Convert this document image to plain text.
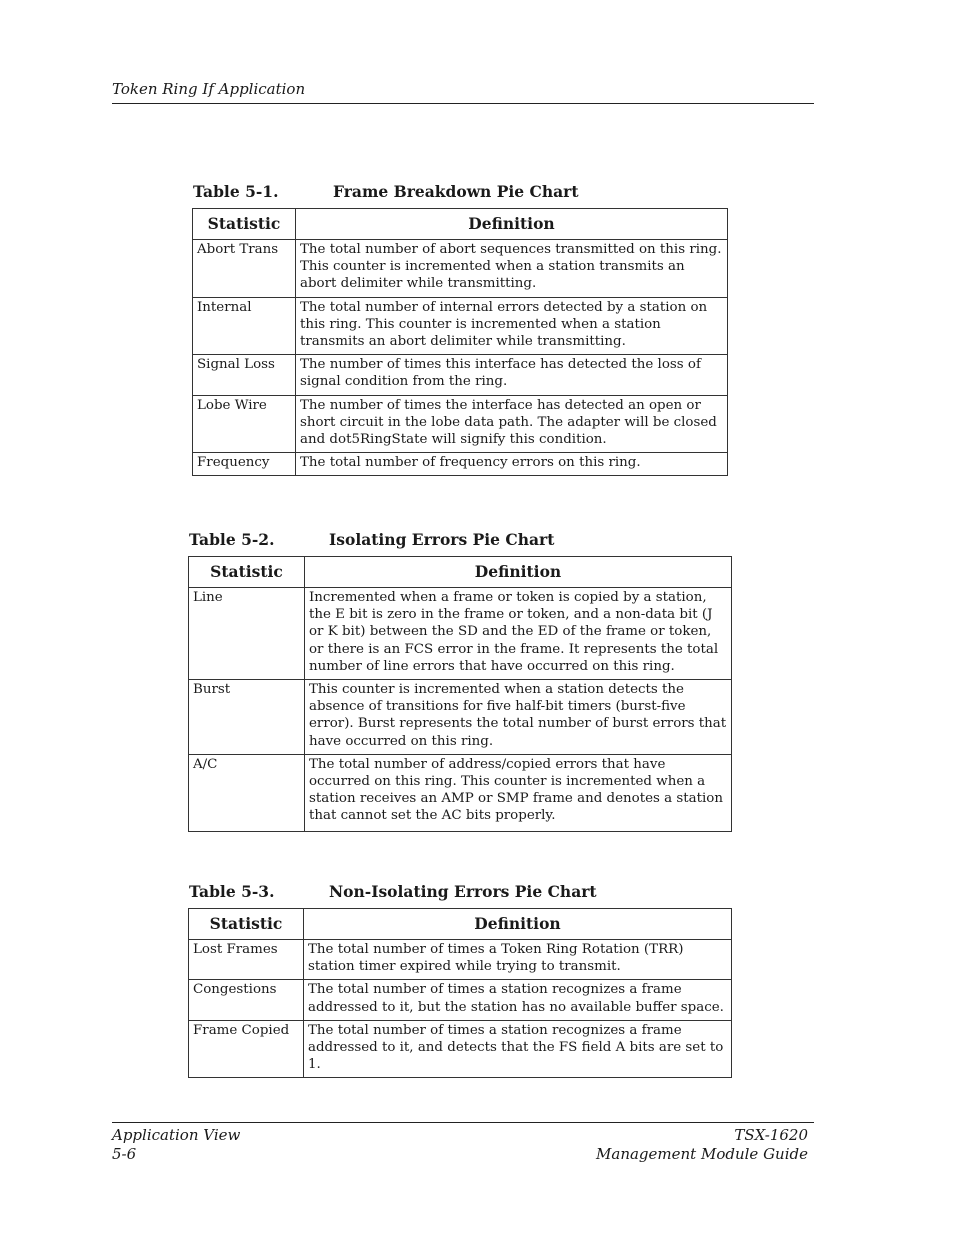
Token Ring If Application
Table 5-1.	Frame Breakdown Pie Chart
Statistic	Definition
Abort Trans	The total number of abort sequences transmitted on this ring. This counter is incremented when a station transmits an abort delimiter while transmitting.
Internal	The total number of internal errors detected by a station on this ring. This counter is incremented when a station transmits an abort delimiter while transmitting.
Signal Loss	The number of times this interface has detected the loss of signal condition from the ring.
Lobe Wire	The number of times the interface has detected an open or short circuit in the lobe data path. The adapter will be closed and dot5RingState will signify this condition.
Frequency	The total number of frequency errors on this ring.
Table 5-2.	Isolating Errors Pie Chart
Statistic	Definition
Line	Incremented when a frame or token is copied by a station, the E bit is zero in the frame or token, and a non-data bit (J or K bit) between the SD and the ED of the frame or token, or there is an FCS error in the frame. It represents the total number of line errors that have occurred on this ring.
Burst	This counter is incremented when a station detects the absence of transitions for five half-bit timers (burst-five error). Burst represents the total number of burst errors that have occurred on this ring.
A/C	The total number of address/copied errors that have occurred on this ring. This counter is incremented when a station receives an AMP or SMP frame and denotes a station that cannot set the AC bits properly.
Table 5-3.	Non-Isolating Errors Pie Chart
Statistic	Definition
Lost Frames	The total number of times a Token Ring Rotation (TRR) station timer expired while trying to transmit.
Congestions	The total number of times a station recognizes a frame addressed to it, but the station has no available buffer space.
Frame Copied	The total number of times a station recognizes a frame addressed to it, and detects that the FS field A bits are set to 1.
Application View
5-6
TSX-1620
Management Module Guide
